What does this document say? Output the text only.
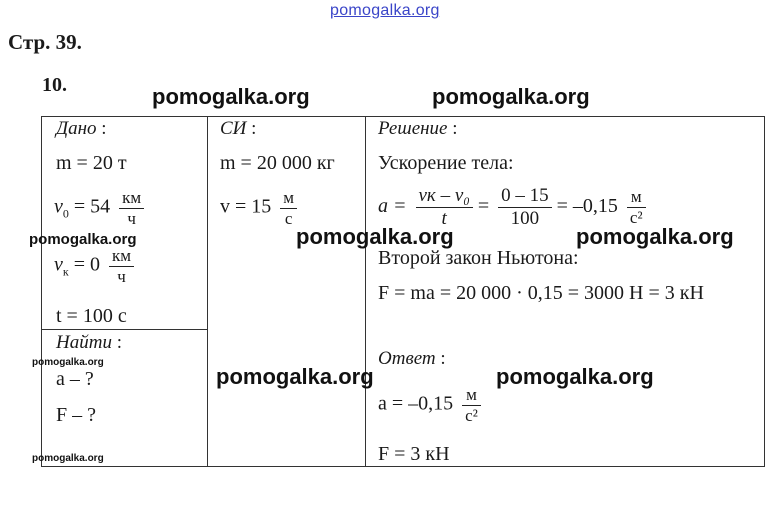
pomogalka.org
Стр. 39.
10.
Дано :
m = 20 т
$v_0 = 54 \frac{км}{ч}$
$v_к = 0 \frac{км}{ч}$
t = 100 с
Найти :
a – ?
F – ?
СИ :
m = 20 000 кг
$v = 15 \frac{м}{с}$
Решение :
Ускорение тела:
$a = \frac{\text{vк – v₀}}{t} = \frac{0 - 15}{100} = -0,15 \frac{м}{\text{с²}}$
Второй закон Ньютона:
F = ma = 20 000 · 0,15 = 3000 Н = 3 кН
Ответ :
$a = -0,15 \frac{м}{\text{с²}}$
F = 3 кН
pomogalka.org	pomogalka.org
pomogalka.org	pomogalka.org	pomogalka.org
pomogalka.org
pomogalka.org	pomogalka.org
pomogalka.org
